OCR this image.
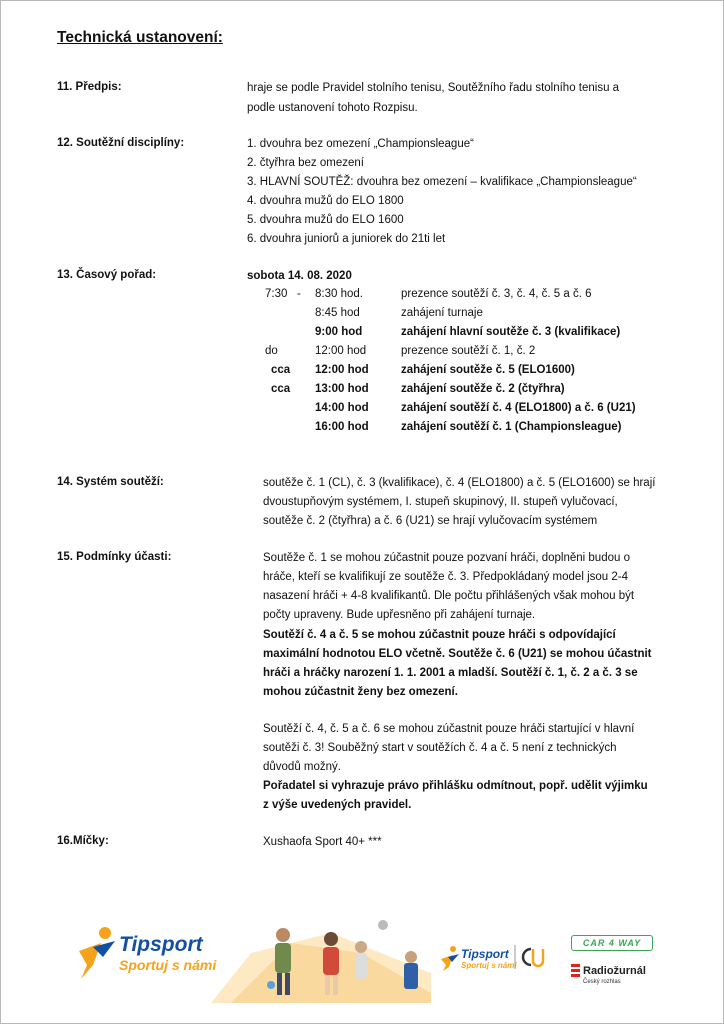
Technická ustanovení:
11. Předpis:	hraje se podle Pravidel stolního tenisu, Soutěžního řadu stolního tenisu a
podle ustanovení tohoto Rozpisu.
12. Soutěžní disciplíny:	1. dvouhra bez omezení „Championsleague“
2. čtyřhra bez omezení
3. HLAVNÍ SOUTĚŽ: dvouhra bez omezení – kvalifikace „Championsleague“
4. dvouhra mužů do ELO 1800
5. dvouhra mužů do ELO 1600
6. dvouhra juniorů a juniorek do 21ti let
13. Časový pořad:	sobota 14. 08. 2020
7:30 - 8:30 hod.	prezence soutěží č. 3, č. 4, č. 5 a č. 6
8:45 hod	zahájení turnaje
9:00 hod	zahájení hlavní soutěže č. 3 (kvalifikace)
do	12:00 hod	prezence soutěží č. 1, č. 2
cca 12:00 hod	zahájení soutěže č. 5 (ELO1600)
cca 13:00 hod	zahájení soutěže č. 2 (čtyřhra)
14:00 hod	zahájení soutěží č. 4 (ELO1800) a č. 6 (U21)
16:00 hod	zahájení soutěží č. 1 (Championsleague)
14. Systém soutěží:	soutěže č. 1 (CL), č. 3 (kvalifikace), č. 4 (ELO1800) a č. 5 (ELO1600) se hrají
dvoustupňovým systémem, I. stupeň skupinový, II. stupeň vylučovací,
soutěže č. 2 (čtyřhra) a č. 6 (U21) se hrají vylučovacím systémem
15. Podmínky účasti:	Soutěže č. 1 se mohou zúčastnit pouze pozvaní hráči, doplněni budou o
hráče, kteří se kvalifikují ze soutěže č. 3. Předpokládaný model jsou 2-4
nasazení hráči + 4-8 kvalifikantů. Dle počtu přihlášených však mohou být
počty upraveny. Bude upřesněno při zahájení turnaje.
Soutěží č. 4 a č. 5 se mohou zúčastnit pouze hráči s odpovídající
maximální hodnotou ELO včetně. Soutěže č. 6 (U21) se mohou účastnit
hráči a hráčky narození 1. 1. 2001 a mladší. Soutěží č. 1, č. 2 a č. 3 se
mohou zúčastnit ženy bez omezení.
Soutěží č. 4, č. 5 a č. 6 se mohou zúčastnit pouze hráči startující v hlavní
soutěži č. 3! Souběžný start v soutěžích č. 4 a č. 5 není z technických
důvodů možný.
Pořadatel si vyhrazuje právo přihlášku odmítnout, popř. udělit výjimku
z výše uvedených pravidel.
16.Míčky:	Xushaofa Sport 40+ ***
Tipsport
Sportuj s námi
Tipsport
Sportuj s námi
CAR 4 WAY
Radiožurnál
Český rozhlas
